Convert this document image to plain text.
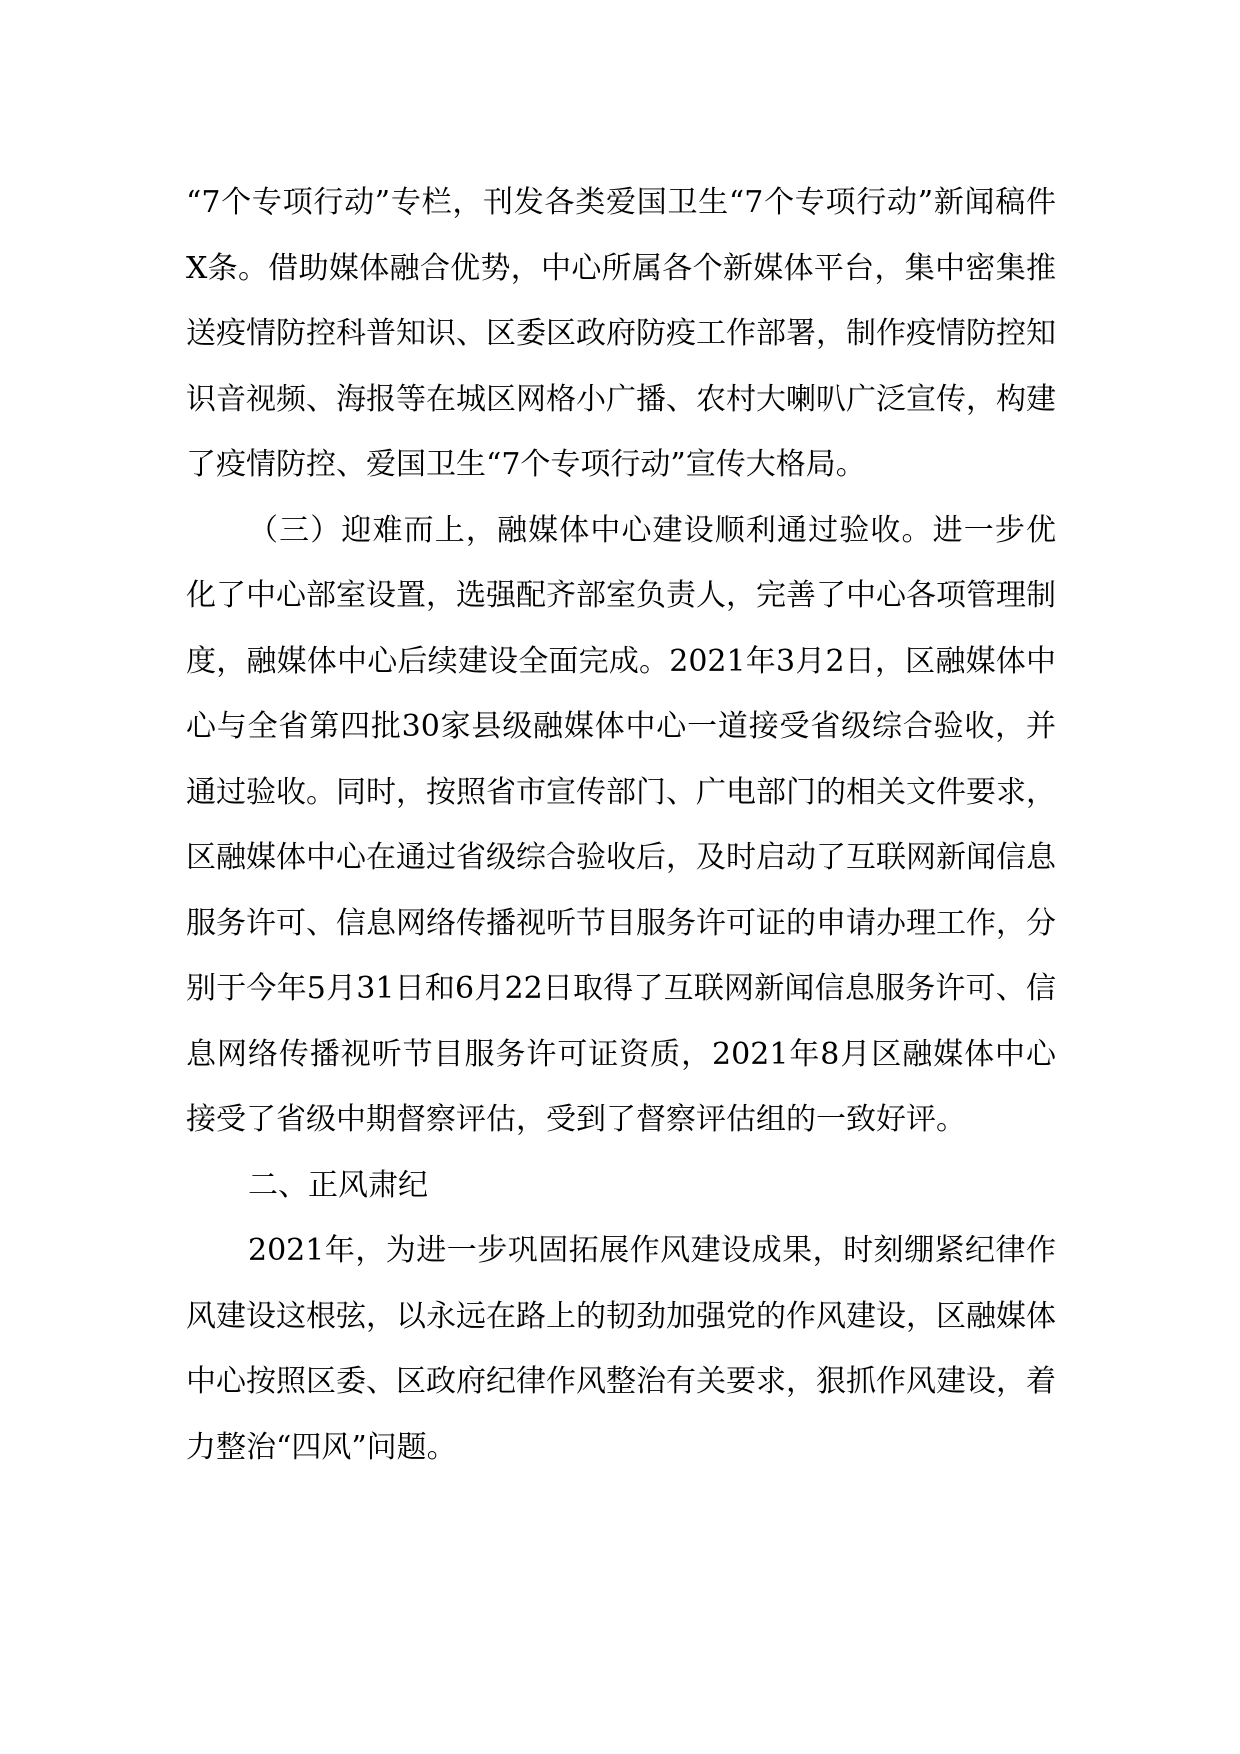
“7个专项行动”专栏，刊发各类爱国卫生“7个专项行动”新闻稿件X条。借助媒体融合优势，中心所属各个新媒体平台，集中密集推送疫情防控科普知识、区委区政府防疫工作部署，制作疫情防控知识音视频、海报等在城区网格小广播、农村大喇叭广泛宣传，构建了疫情防控、爱国卫生“7个专项行动”宣传大格局。

（三）迎难而上，融媒体中心建设顺利通过验收。进一步优化了中心部室设置，选强配齐部室负责人，完善了中心各项管理制度，融媒体中心后续建设全面完成。2021年3月2日，区融媒体中心与全省第四批30家县级融媒体中心一道接受省级综合验收，并通过验收。同时，按照省市宣传部门、广电部门的相关文件要求，区融媒体中心在通过省级综合验收后，及时启动了互联网新闻信息服务许可、信息网络传播视听节目服务许可证的申请办理工作，分别于今年5月31日和6月22日取得了互联网新闻信息服务许可、信息网络传播视听节目服务许可证资质，2021年8月区融媒体中心接受了省级中期督察评估，受到了督察评估组的一致好评。

二、正风肃纪

2021年，为进一步巩固拓展作风建设成果，时刻绷紧纪律作风建设这根弦，以永远在路上的韧劲加强党的作风建设，区融媒体中心按照区委、区政府纪律作风整治有关要求，狠抓作风建设，着力整治“四风”问题。
